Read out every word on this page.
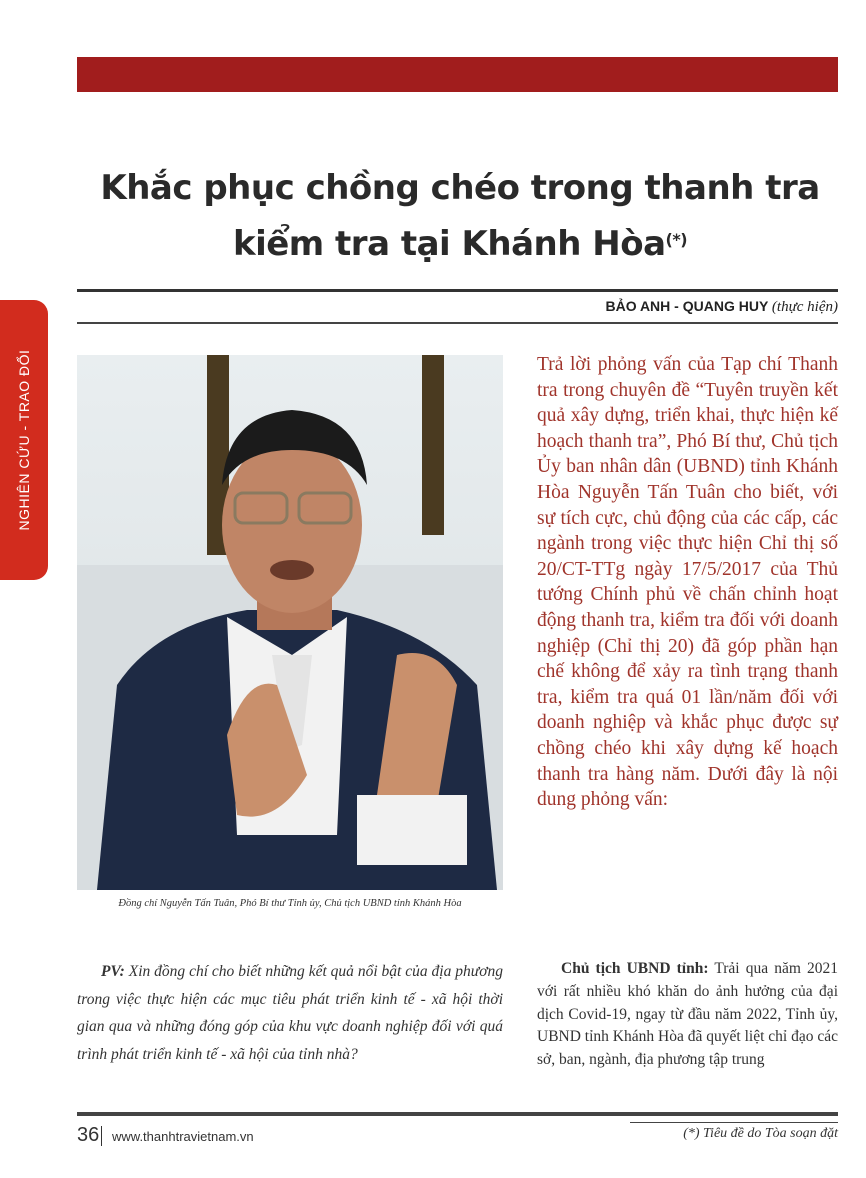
NGHIÊN CỨU - TRAO ĐỔI
Khắc phục chồng chéo trong thanh tra
kiểm tra tại Khánh Hòa(*)
BẢO ANH - QUANG HUY (thực hiện)
Đồng chí Nguyễn Tấn Tuân, Phó Bí thư Tỉnh ủy, Chủ tịch UBND tỉnh Khánh Hòa

Trả lời phỏng vấn của Tạp chí Thanh tra trong chuyên đề “Tuyên truyền kết quả xây dựng, triển khai, thực hiện kế hoạch thanh tra”, Phó Bí thư, Chủ tịch Ủy ban nhân dân (UBND) tỉnh Khánh Hòa Nguyễn Tấn Tuân cho biết, với sự tích cực, chủ động của các cấp, các ngành trong việc thực hiện Chỉ thị số 20/CT-TTg ngày 17/5/2017 của Thủ tướng Chính phủ về chấn chỉnh hoạt động thanh tra, kiểm tra đối với doanh nghiệp (Chỉ thị 20) đã góp phần hạn chế không để xảy ra tình trạng thanh tra, kiểm tra quá 01 lần/năm đối với doanh nghiệp và khắc phục được sự chồng chéo khi xây dựng kế hoạch thanh tra hàng năm. Dưới đây là nội dung phỏng vấn:

PV: Xin đồng chí cho biết những kết quả nổi bật của địa phương trong việc thực hiện các mục tiêu phát triển kinh tế - xã hội thời gian qua và những đóng góp của khu vực doanh nghiệp đối với quá trình phát triển kinh tế - xã hội của tỉnh nhà?

Chủ tịch UBND tỉnh: Trải qua năm 2021 với rất nhiều khó khăn do ảnh hưởng của đại dịch Covid-19, ngay từ đầu năm 2022, Tỉnh ủy, UBND tỉnh Khánh Hòa đã quyết liệt chỉ đạo các sở, ban, ngành, địa phương tập trung

36 www.thanhtravietnam.vn	(*) Tiêu đề do Tòa soạn đặt
